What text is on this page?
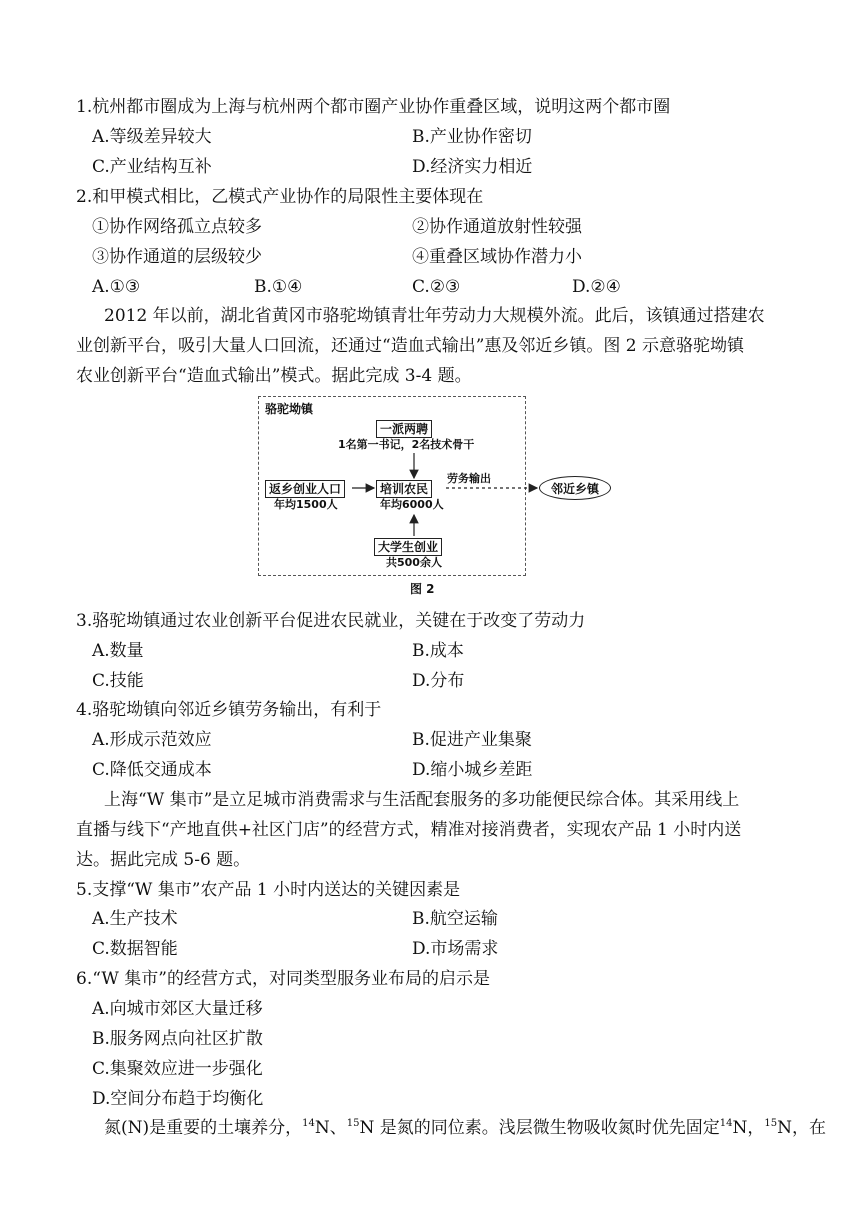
1.杭州都市圈成为上海与杭州两个都市圈产业协作重叠区域，说明这两个都市圈
A.等级差异较大	B.产业协作密切
C.产业结构互补	D.经济实力相近
2.和甲模式相比，乙模式产业协作的局限性主要体现在
①协作网络孤立点较多	②协作通道放射性较强
③协作通道的层级较少	④重叠区域协作潜力小
A.①③	B.①④	C.②③	D.②④
2012 年以前，湖北省黄冈市骆驼坳镇青壮年劳动力大规模外流。此后，该镇通过搭建农
业创新平台，吸引大量人口回流，还通过“造血式输出”惠及邻近乡镇。图 2 示意骆驼坳镇
农业创新平台“造血式输出”模式。据此完成 3-4 题。
骆驼坳镇
一派两聘
1名第一书记，2名技术骨干
返乡创业人口
年均1500人
培训农民
年均6000人
劳务输出
邻近乡镇
大学生创业
共500余人
图 2
3.骆驼坳镇通过农业创新平台促进农民就业，关键在于改变了劳动力
A.数量	B.成本
C.技能	D.分布
4.骆驼坳镇向邻近乡镇劳务输出，有利于
A.形成示范效应	B.促进产业集聚
C.降低交通成本	D.缩小城乡差距
上海“W 集市”是立足城市消费需求与生活配套服务的多功能便民综合体。其采用线上
直播与线下“产地直供+社区门店”的经营方式，精准对接消费者，实现农产品 1 小时内送
达。据此完成 5-6 题。
5.支撑“W 集市”农产品 1 小时内送达的关键因素是
A.生产技术	B.航空运输
C.数据智能	D.市场需求
6.“W 集市”的经营方式，对同类型服务业布局的启示是
A.向城市郊区大量迁移
B.服务网点向社区扩散
C.集聚效应进一步强化
D.空间分布趋于均衡化
氮(N)是重要的土壤养分，$^{14}$N、$^{15}$N 是氮的同位素。浅层微生物吸收氮时优先固定$^{14}$N，$^{15}$N，在
